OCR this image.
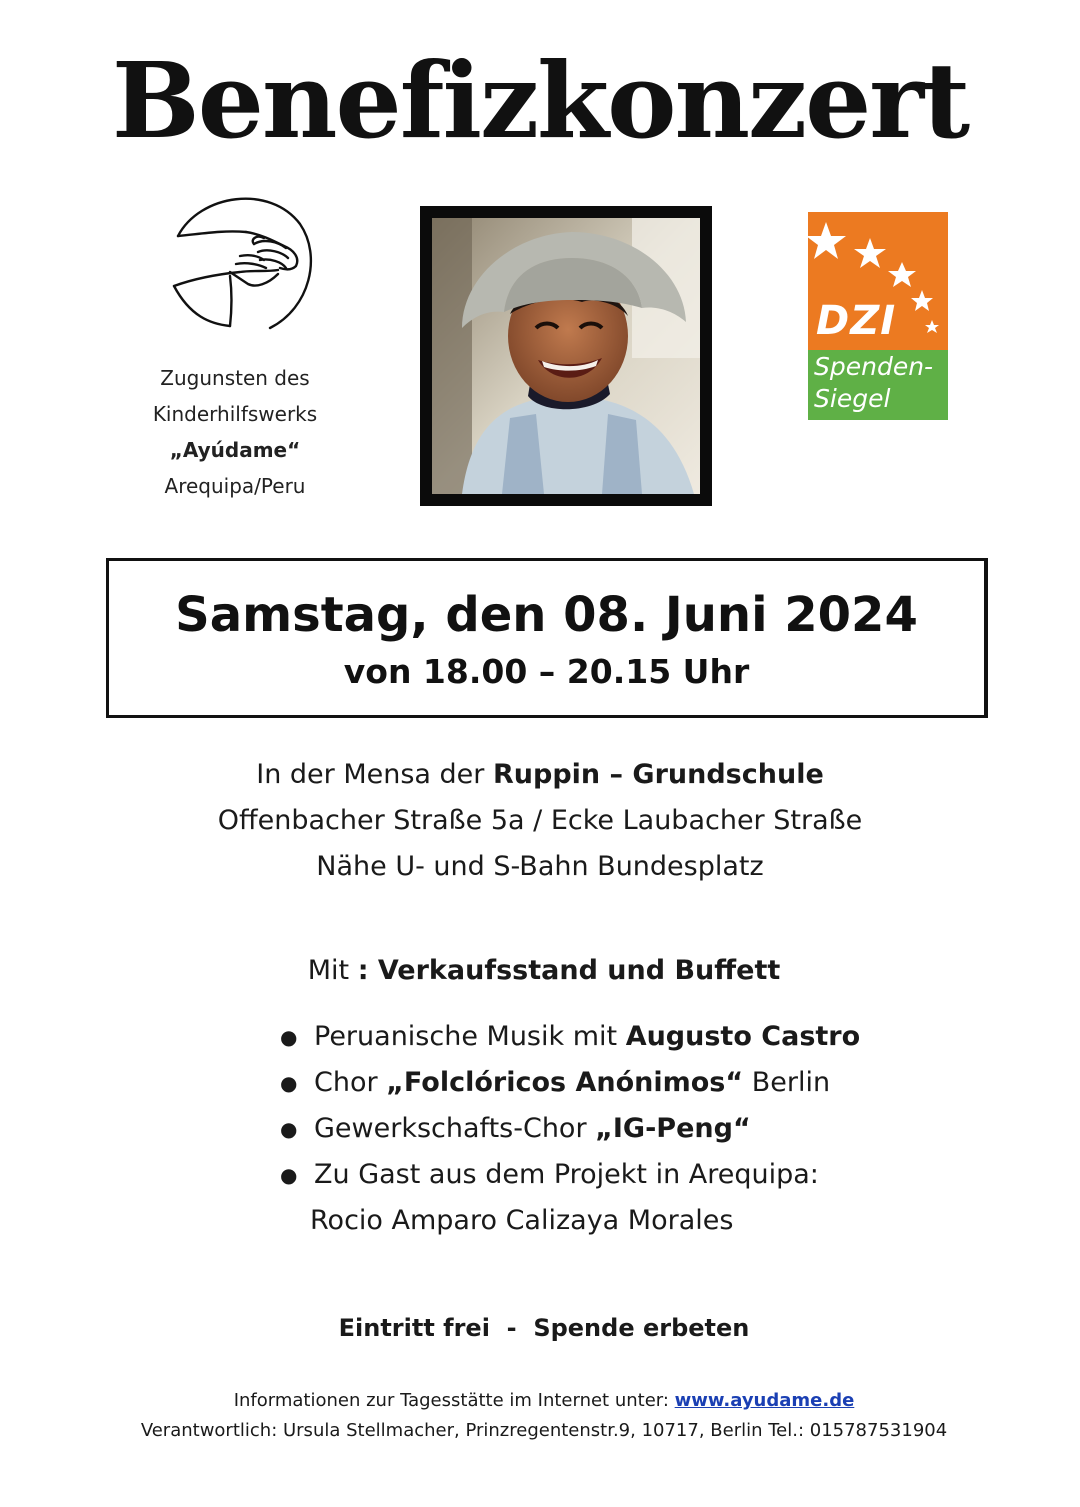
Benefizkonzert
Zugunsten des
Kinderhilfswerks
„Ayúdame“
Arequipa/Peru
DZI
Spenden-
Siegel
Samstag, den 08. Juni 2024
von 18.00 – 20.15 Uhr
In der Mensa der Ruppin – Grundschule
Offenbacher Straße 5a / Ecke Laubacher Straße
Nähe U- und S-Bahn Bundesplatz
Mit : Verkaufsstand und Buffett
● Peruanische Musik mit Augusto Castro
● Chor „Folclóricos Anónimos“ Berlin
● Gewerkschafts-Chor „IG-Peng“
● Zu Gast aus dem Projekt in Arequipa:
Rocio Amparo Calizaya Morales
Eintritt frei  -  Spende erbeten
Informationen zur Tagesstätte im Internet unter: www.ayudame.de
Verantwortlich: Ursula Stellmacher, Prinzregentenstr.9, 10717, Berlin Tel.: 015787531904
